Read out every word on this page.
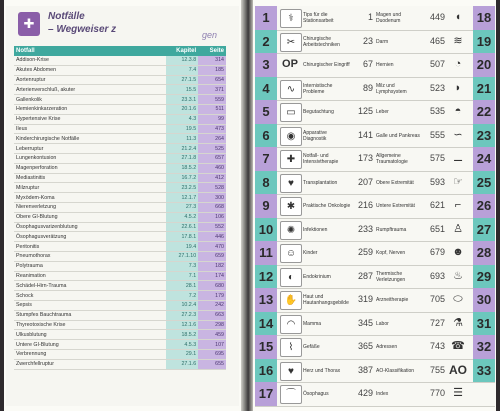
✚	Notfälle
– Wegweiser z	gen
Notfall	Kapitel	Seite
Addison-Krise	12.3.8	314
Akutes Abdomen	7.4	185
Aortenruptur	27.1.5	654
Arterienverschluß, akuter	15.5	371
Gallenkolik	23.3.1	559
Hemienkinkarzeration	20.1.6	511
Hypertensive Krise	4.3	99
Ileus	19.5	473
Kinderchirurgische Notfälle	11.3	264
Leberruptur	21.2.4	525
Lungenkontusion	27.1.8	657
Magenperforation	18.5.2	460
Mediastinitis	16.7.2	412
Milzruptur	23.2.5	528
Myxödem-Koma	12.1.7	300
Nierenverletzung	27.3	668
Obere GI-Blutung	4.5.2	106
Ösophagusvarizenblutung	22.6.1	552
Ösophagusverätzung	17.8.1	446
Peritonitis	19.4	470
Pneumothorax	27.1.10	659
Polytrauma	7.3	182
Reanimation	7.1	174
Schädel-Hirn-Trauma	28.1	680
Schock	7.2	179
Sepsis	10.2.4	242
Stumpfes Bauchtrauma	27.2.3	663
Thyreotoxische Krise	12.1.6	298
Ulkusblutung	18.5.2	459
Untere GI-Blutung	4.5.3	107
Verbrennung	29.1	695
Zwerchfellruptur	27.1.6	655
1	⚕	Tips für die Stationsarbeit	1 Magen und Duodenum	449 ◖	18
2	✂	Chirurgische Arbeitstechniken	23 Darm	465 ≋	19
3	OP	Chirurgischer Eingriff	67 Hernien	507 ◔	20
4	∿	Internistische Probleme	89 Milz und Lymphsystem	523 ◗	21
5	▭	Begutachtung	125 Leber	535 ◓	22
6	◉	Apparative Diagnostik	141 Galle und Pankreas	555 ∽	23
7	✚	Notfall- und Intensivtherapie	173 Allgemeine Traumatologie	575 ⚊	24
8	♥	Transplantation	207 Obere Extremität	593 ☞	25
9	✱	Praktische Onkologie 216 Untere Extremität	621 ⌐	26
10	✺	Infektionen	233 Rumpftrauma	651 ♙	27
11	☺	Kinder	259 Kopf, Nerven	679 ☻ 28
12	◐	Endokrinium	287 Thermische Verletzungen	693 ♨	29
13	✋	Haut und Hautanhangsgebilde	319 Arzneitherapie	705 ⬭	30
14	◠	Mamma	345 Labor	727 ⚗	31
15	⌇	Gefäße	365 Adressen	743 ☎ 32
16	♥	Herz und Thorax	387 AO-Klassifikation	755 AO 33
17	⌒	Ösophagus	429 Index	770 ☰
